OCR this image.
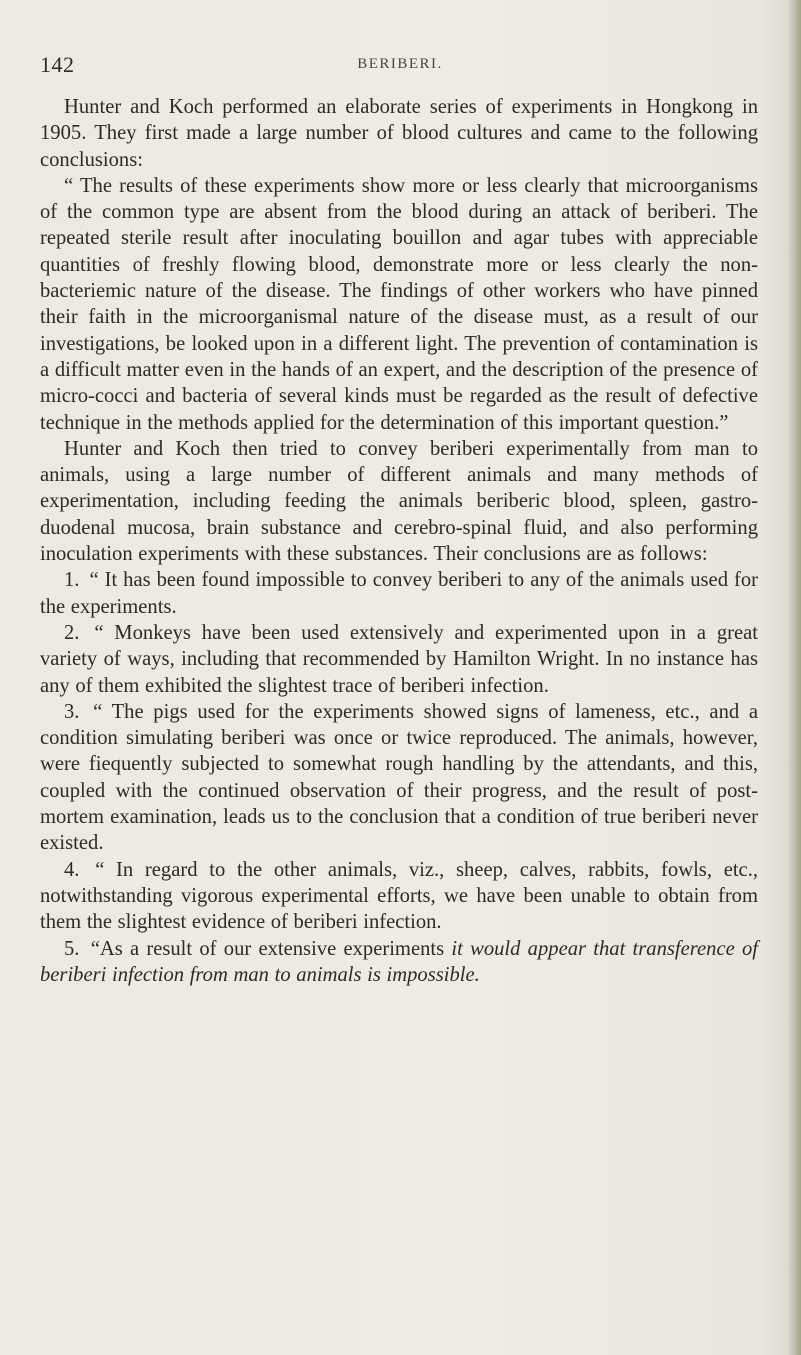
142	BERIBERI.

Hunter and Koch performed an elaborate series of experiments in Hongkong in 1905. They first made a large number of blood cultures and came to the following conclusions:

“ The results of these experiments show more or less clearly that microorganisms of the common type are absent from the blood during an attack of beriberi. The repeated sterile result after inoculating bouillon and agar tubes with appreciable quantities of freshly flowing blood, demonstrate more or less clearly the non-bacteriemic nature of the disease. The findings of other workers who have pinned their faith in the microorganismal nature of the disease must, as a result of our investigations, be looked upon in a different light. The prevention of contamination is a difficult matter even in the hands of an expert, and the description of the presence of micro-cocci and bacteria of several kinds must be regarded as the result of defective technique in the methods applied for the determination of this important question.”

Hunter and Koch then tried to convey beriberi experimentally from man to animals, using a large number of different animals and many methods of experimentation, including feeding the animals beriberic blood, spleen, gastro-duodenal mucosa, brain substance and cerebro-spinal fluid, and also performing inoculation experiments with these substances. Their conclusions are as follows:

1. “ It has been found impossible to convey beriberi to any of the animals used for the experiments.

2. “ Monkeys have been used extensively and experimented upon in a great variety of ways, including that recommended by Hamilton Wright. In no instance has any of them exhibited the slightest trace of beriberi infection.

3. “ The pigs used for the experiments showed signs of lameness, etc., and a condition simulating beriberi was once or twice reproduced. The animals, however, were fiequently subjected to somewhat rough handling by the attendants, and this, coupled with the continued observation of their progress, and the result of post-mortem examination, leads us to the conclusion that a condition of true beriberi never existed.

4. “ In regard to the other animals, viz., sheep, calves, rabbits, fowls, etc., notwithstanding vigorous experimental efforts, we have been unable to obtain from them the slightest evidence of beriberi infection.

5. “As a result of our extensive experiments it would appear that transference of beriberi infection from man to animals is impossible.
